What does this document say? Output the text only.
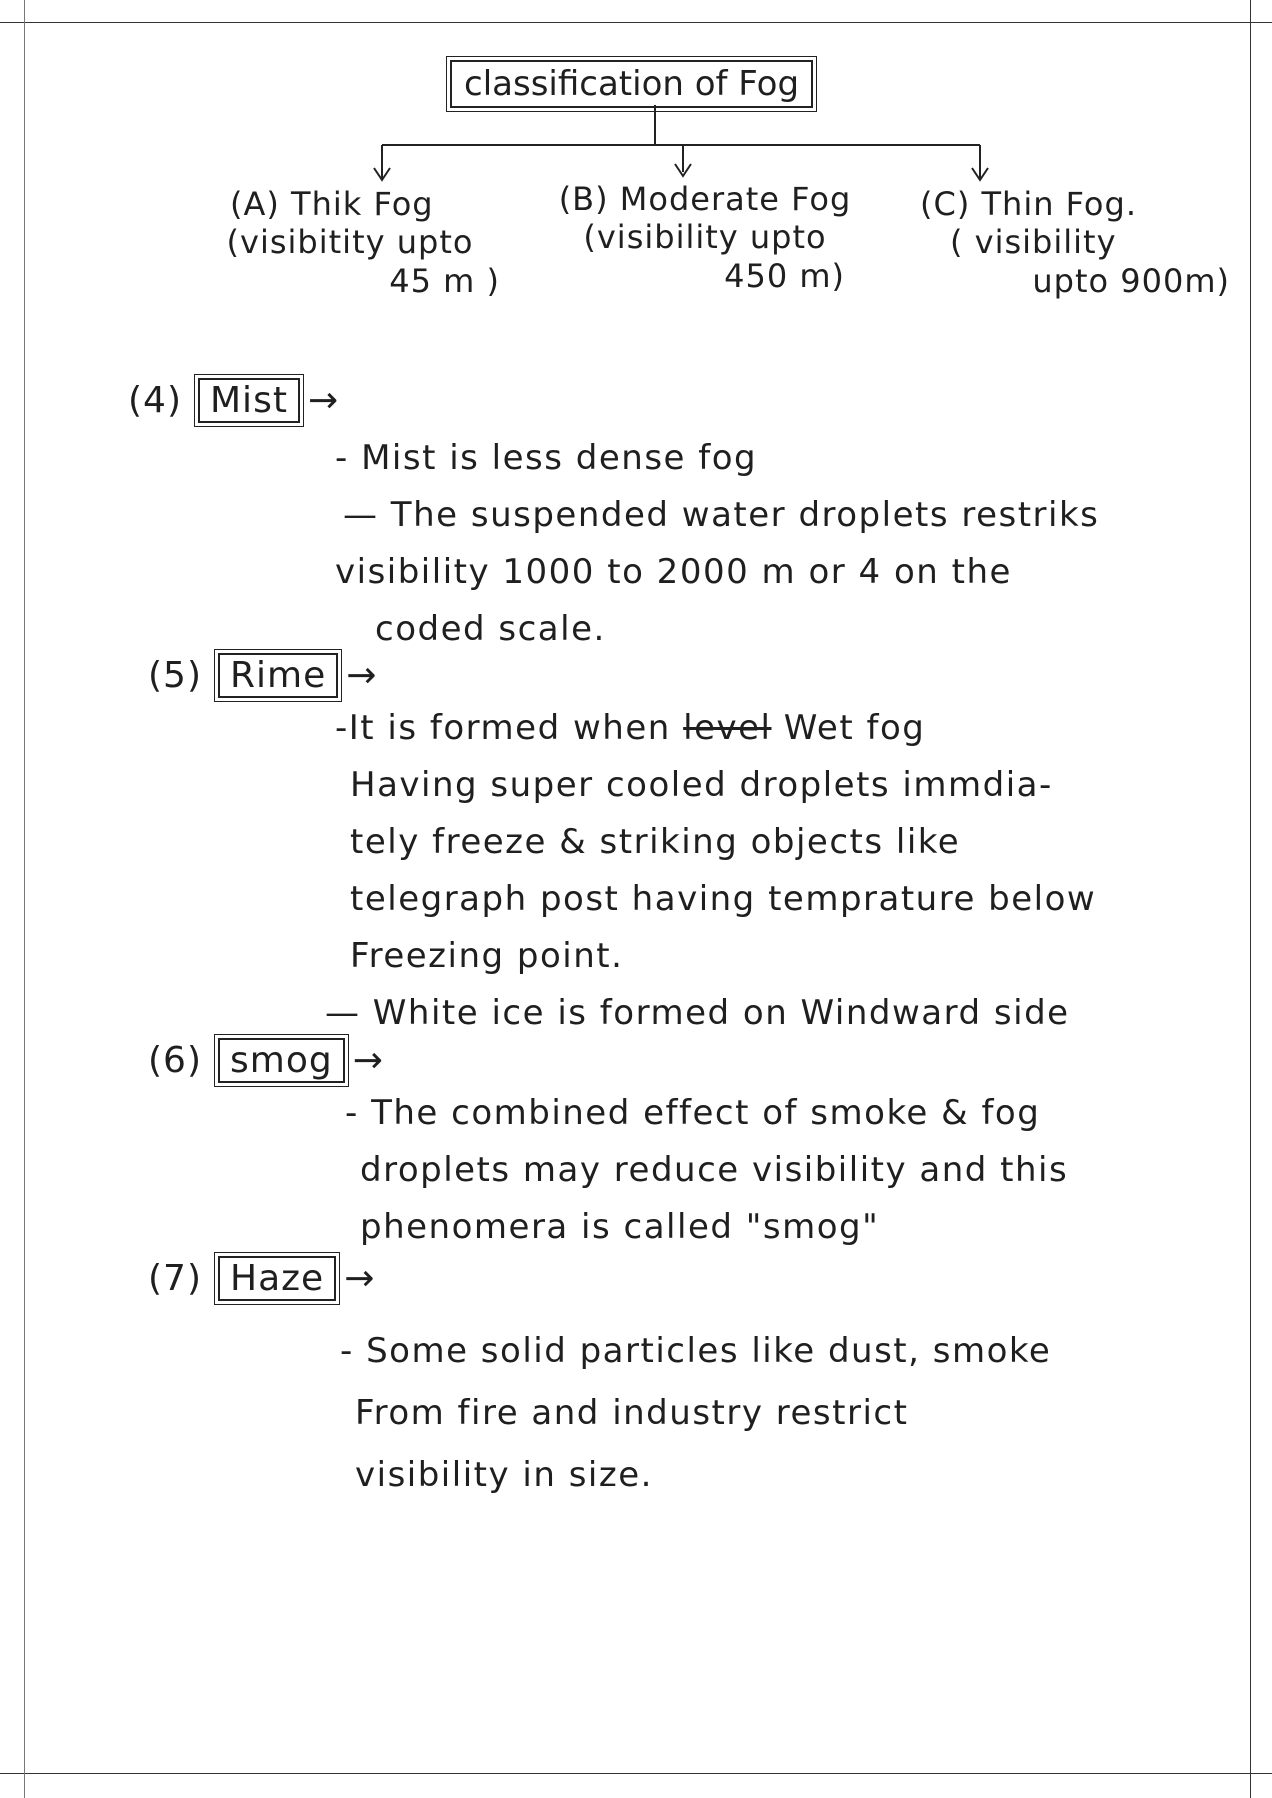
classification of Fog
(A) Thik Fog
(visibitity upto
45 m )
(B) Moderate Fog
(visibility upto
450 m)
(C) Thin Fog.
( visibility
upto 900m)
(4) Mist →
- Mist is less dense fog
— The suspended water droplets restriks
visibility 1000 to 2000 m or 4 on the
coded scale.
(5) Rime →
-It is formed when level Wet fog
Having super cooled droplets immdia-
tely freeze & striking objects like
telegraph post having temprature below
Freezing point.
— White ice is formed on Windward side
(6) smog →
- The combined effect of smoke & fog
droplets may reduce visibility and this
phenomera is called "smog"
(7) Haze →
- Some solid particles like dust, smoke
From fire and industry restrict
visibility in size.
